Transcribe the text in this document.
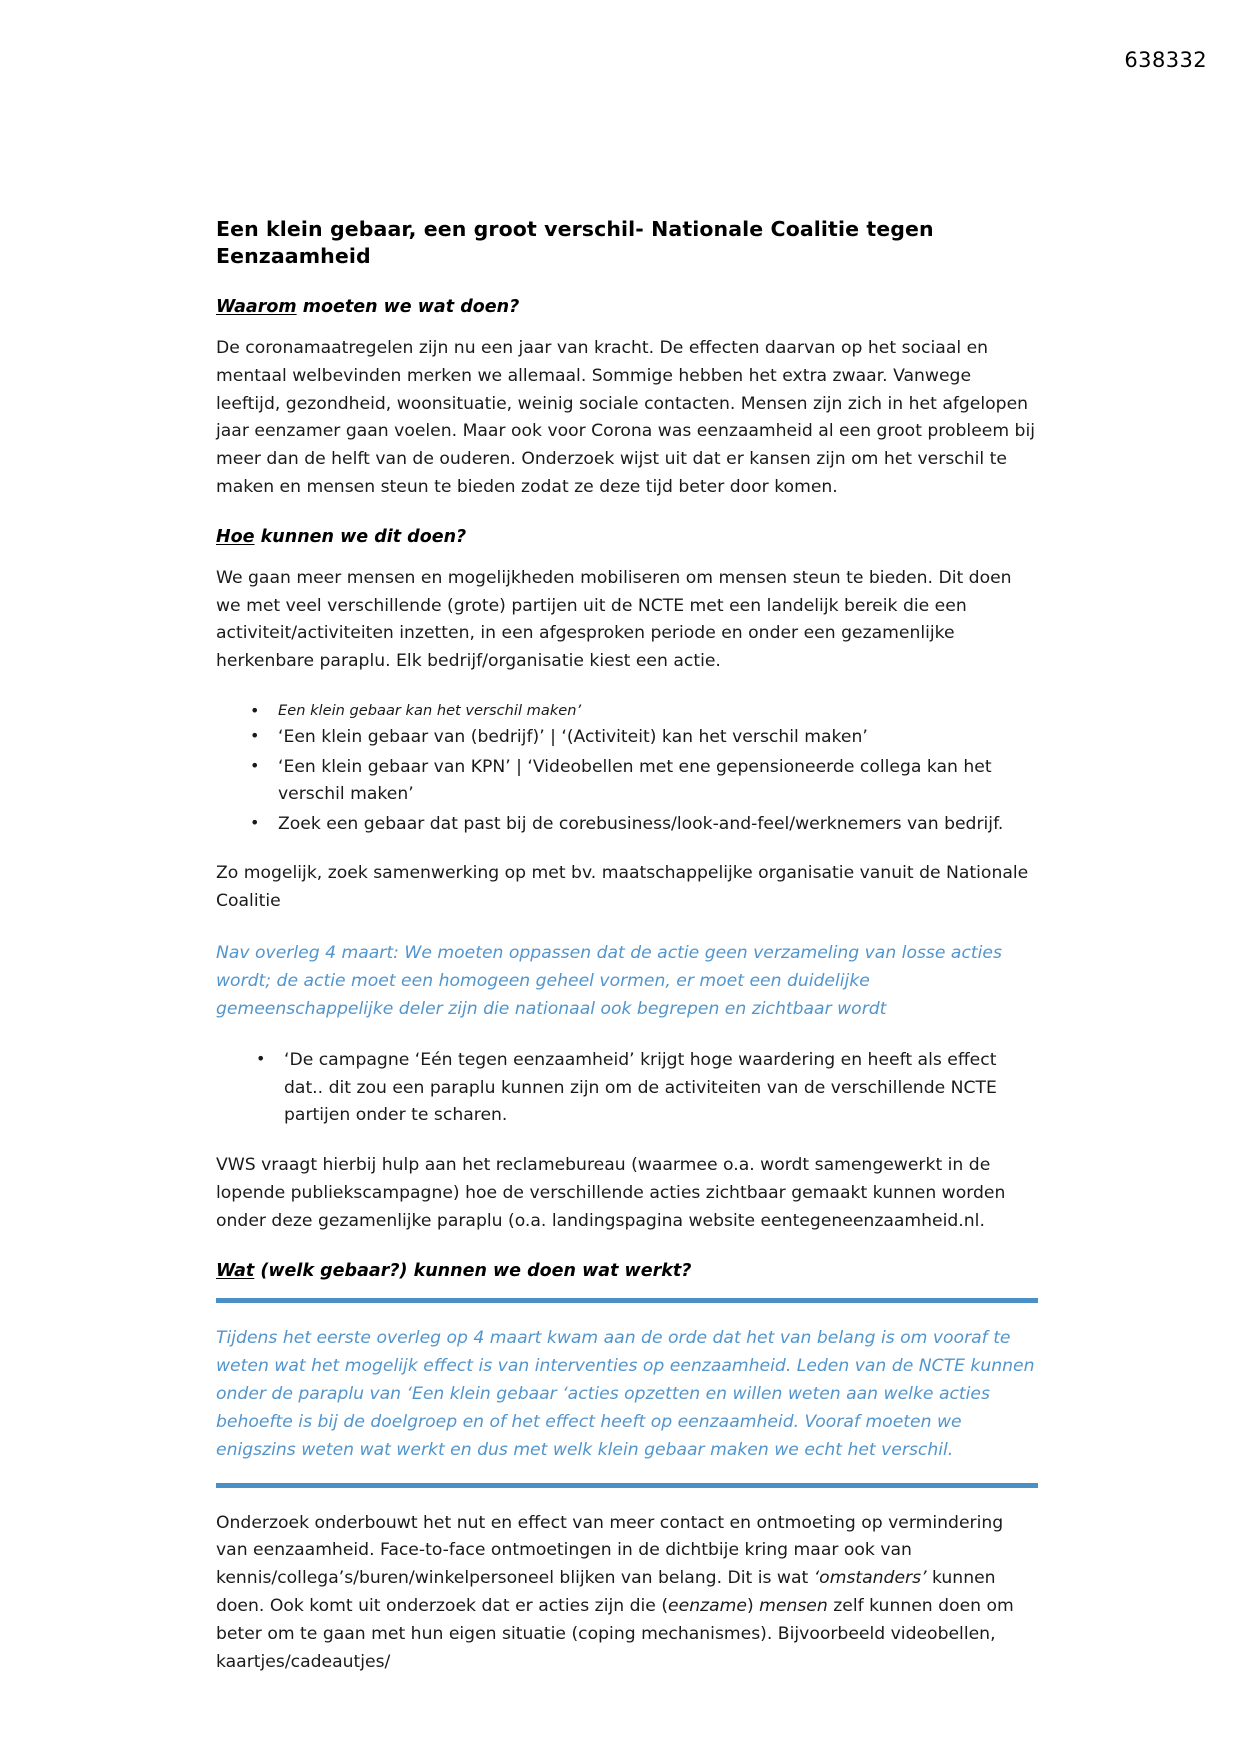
638332
Een klein gebaar, een groot verschil- Nationale Coalitie tegen Eenzaamheid
Waarom moeten we wat doen?

De coronamaatregelen zijn nu een jaar van kracht. De effecten daarvan op het sociaal en mentaal welbevinden merken we allemaal. Sommige hebben het extra zwaar. Vanwege leeftijd, gezondheid, woonsituatie, weinig sociale contacten. Mensen zijn zich in het afgelopen jaar eenzamer gaan voelen. Maar ook voor Corona was eenzaamheid al een groot probleem bij meer dan de helft van de ouderen. Onderzoek wijst uit dat er kansen zijn om het verschil te maken en mensen steun te bieden zodat ze deze tijd beter door komen.

Hoe kunnen we dit doen?

We gaan meer mensen en mogelijkheden mobiliseren om mensen steun te bieden. Dit doen we met veel verschillende (grote) partijen uit de NCTE met een landelijk bereik die een activiteit/activiteiten inzetten, in een afgesproken periode en onder een gezamenlijke herkenbare paraplu. Elk bedrijf/organisatie kiest een actie.

• Een klein gebaar kan het verschil maken’
• ‘Een klein gebaar van (bedrijf)’ | ‘(Activiteit) kan het verschil maken’
• ‘Een klein gebaar van KPN’ | ‘Videobellen met ene gepensioneerde collega kan het verschil maken’
• Zoek een gebaar dat past bij de corebusiness/look-and-feel/werknemers van bedrijf.

Zo mogelijk, zoek samenwerking op met bv. maatschappelijke organisatie vanuit de Nationale Coalitie

Nav overleg 4 maart: We moeten oppassen dat de actie geen verzameling van losse acties wordt; de actie moet een homogeen geheel vormen, er moet een duidelijke gemeenschappelijke deler zijn die nationaal ook begrepen en zichtbaar wordt

• ‘De campagne ‘Eén tegen eenzaamheid’ krijgt hoge waardering en heeft als effect dat.. dit zou een paraplu kunnen zijn om de activiteiten van de verschillende NCTE partijen onder te scharen.

VWS vraagt hierbij hulp aan het reclamebureau (waarmee o.a. wordt samengewerkt in de lopende publiekscampagne) hoe de verschillende acties zichtbaar gemaakt kunnen worden onder deze gezamenlijke paraplu (o.a. landingspagina website eentegeneenzaamheid.nl.

Wat (welk gebaar?) kunnen we doen wat werkt?

Tijdens het eerste overleg op 4 maart kwam aan de orde dat het van belang is om vooraf te weten wat het mogelijk effect is van interventies op eenzaamheid. Leden van de NCTE kunnen onder de paraplu van ‘Een klein gebaar ‘acties opzetten en willen weten aan welke acties behoefte is bij de doelgroep en of het effect heeft op eenzaamheid. Vooraf moeten we enigszins weten wat werkt en dus met welk klein gebaar maken we echt het verschil.

Onderzoek onderbouwt het nut en effect van meer contact en ontmoeting op vermindering van eenzaamheid. Face-to-face ontmoetingen in de dichtbije kring maar ook van kennis/collega’s/buren/winkelpersoneel blijken van belang. Dit is wat ‘omstanders’ kunnen doen. Ook komt uit onderzoek dat er acties zijn die (eenzame) mensen zelf kunnen doen om beter om te gaan met hun eigen situatie (coping mechanismes). Bijvoorbeeld videobellen, kaartjes/cadeautjes/
